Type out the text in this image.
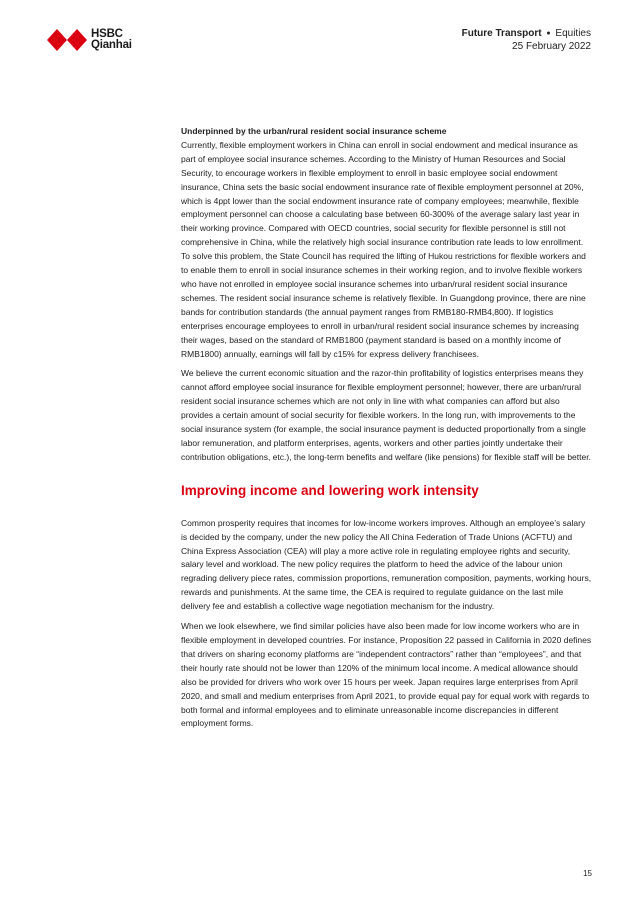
HSBC
Qianhai
Future Transport ● Equities
25 February 2022

Underpinned by the urban/rural resident social insurance scheme

Currently, flexible employment workers in China can enroll in social endowment and medical insurance as part of employee social insurance schemes. According to the Ministry of Human Resources and Social Security, to encourage workers in flexible employment to enroll in basic employee social endowment insurance, China sets the basic social endowment insurance rate of flexible employment personnel at 20%, which is 4ppt lower than the social endowment insurance rate of company employees; meanwhile, flexible employment personnel can choose a calculating base between 60-300% of the average salary last year in their working province. Compared with OECD countries, social security for flexible personnel is still not comprehensive in China, while the relatively high social insurance contribution rate leads to low enrollment. To solve this problem, the State Council has required the lifting of Hukou restrictions for flexible workers and to enable them to enroll in social insurance schemes in their working region, and to involve flexible workers who have not enrolled in employee social insurance schemes into urban/rural resident social insurance schemes. The resident social insurance scheme is relatively flexible. In Guangdong province, there are nine bands for contribution standards (the annual payment ranges from RMB180-RMB4,800). If logistics enterprises encourage employees to enroll in urban/rural resident social insurance schemes by increasing their wages, based on the standard of RMB1800 (payment standard is based on a monthly income of RMB1800) annually, earnings will fall by c15% for express delivery franchisees.

We believe the current economic situation and the razor-thin profitability of logistics enterprises means they cannot afford employee social insurance for flexible employment personnel; however, there are urban/rural resident social insurance schemes which are not only in line with what companies can afford but also provides a certain amount of social security for flexible workers. In the long run, with improvements to the social insurance system (for example, the social insurance payment is deducted proportionally from a single labor remuneration, and platform enterprises, agents, workers and other parties jointly undertake their contribution obligations, etc.), the long-term benefits and welfare (like pensions) for flexible staff will be better.

Improving income and lowering work intensity

Common prosperity requires that incomes for low-income workers improves. Although an employee’s salary is decided by the company, under the new policy the All China Federation of Trade Unions (ACFTU) and China Express Association (CEA) will play a more active role in regulating employee rights and security, salary level and workload. The new policy requires the platform to heed the advice of the labour union regrading delivery piece rates, commission proportions, remuneration composition, payments, working hours, rewards and punishments. At the same time, the CEA is required to regulate guidance on the last mile delivery fee and establish a collective wage negotiation mechanism for the industry.

When we look elsewhere, we find similar policies have also been made for low income workers who are in flexible employment in developed countries. For instance, Proposition 22 passed in California in 2020 defines that drivers on sharing economy platforms are “independent contractors” rather than “employees”, and that their hourly rate should not be lower than 120% of the minimum local income. A medical allowance should also be provided for drivers who work over 15 hours per week. Japan requires large enterprises from April 2020, and small and medium enterprises from April 2021, to provide equal pay for equal work with regards to both formal and informal employees and to eliminate unreasonable income discrepancies in different employment forms.

15
